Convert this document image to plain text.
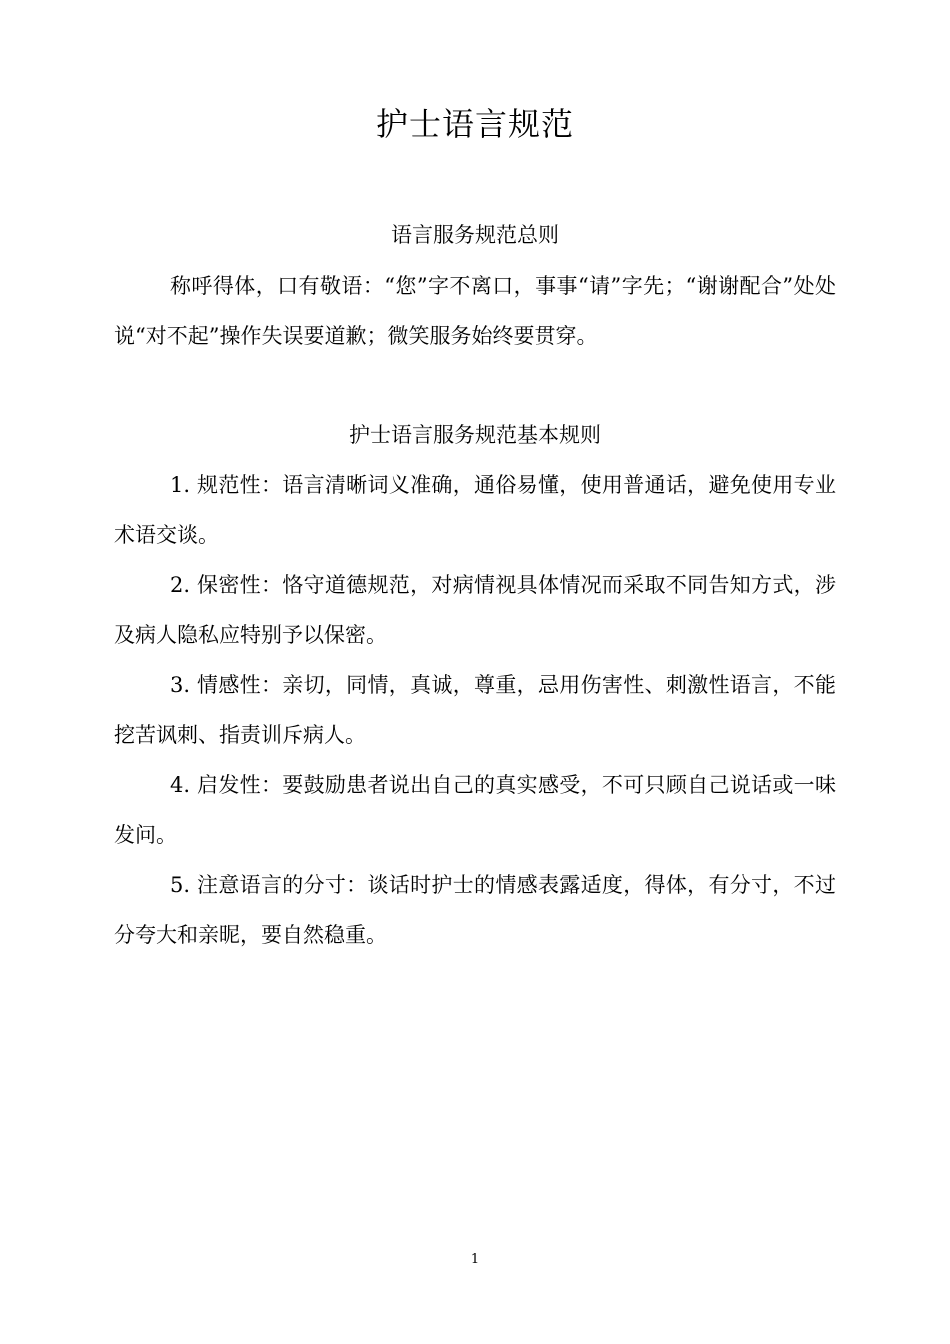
护士语言规范
语言服务规范总则

称呼得体，口有敬语：“您”字不离口，事事“请”字先；“谢谢配合”处处说“对不起”操作失误要道歉；微笑服务始终要贯穿。

护士语言服务规范基本规则

1. 规范性：语言清晰词义准确，通俗易懂，使用普通话，避免使用专业术语交谈。

2. 保密性：恪守道德规范，对病情视具体情况而采取不同告知方式，涉及病人隐私应特别予以保密。

3. 情感性：亲切，同情，真诚，尊重，忌用伤害性、刺激性语言，不能挖苦讽刺、指责训斥病人。

4. 启发性：要鼓励患者说出自己的真实感受，不可只顾自己说话或一味发问。

5. 注意语言的分寸：谈话时护士的情感表露适度，得体，有分寸，不过分夸大和亲昵，要自然稳重。

1
